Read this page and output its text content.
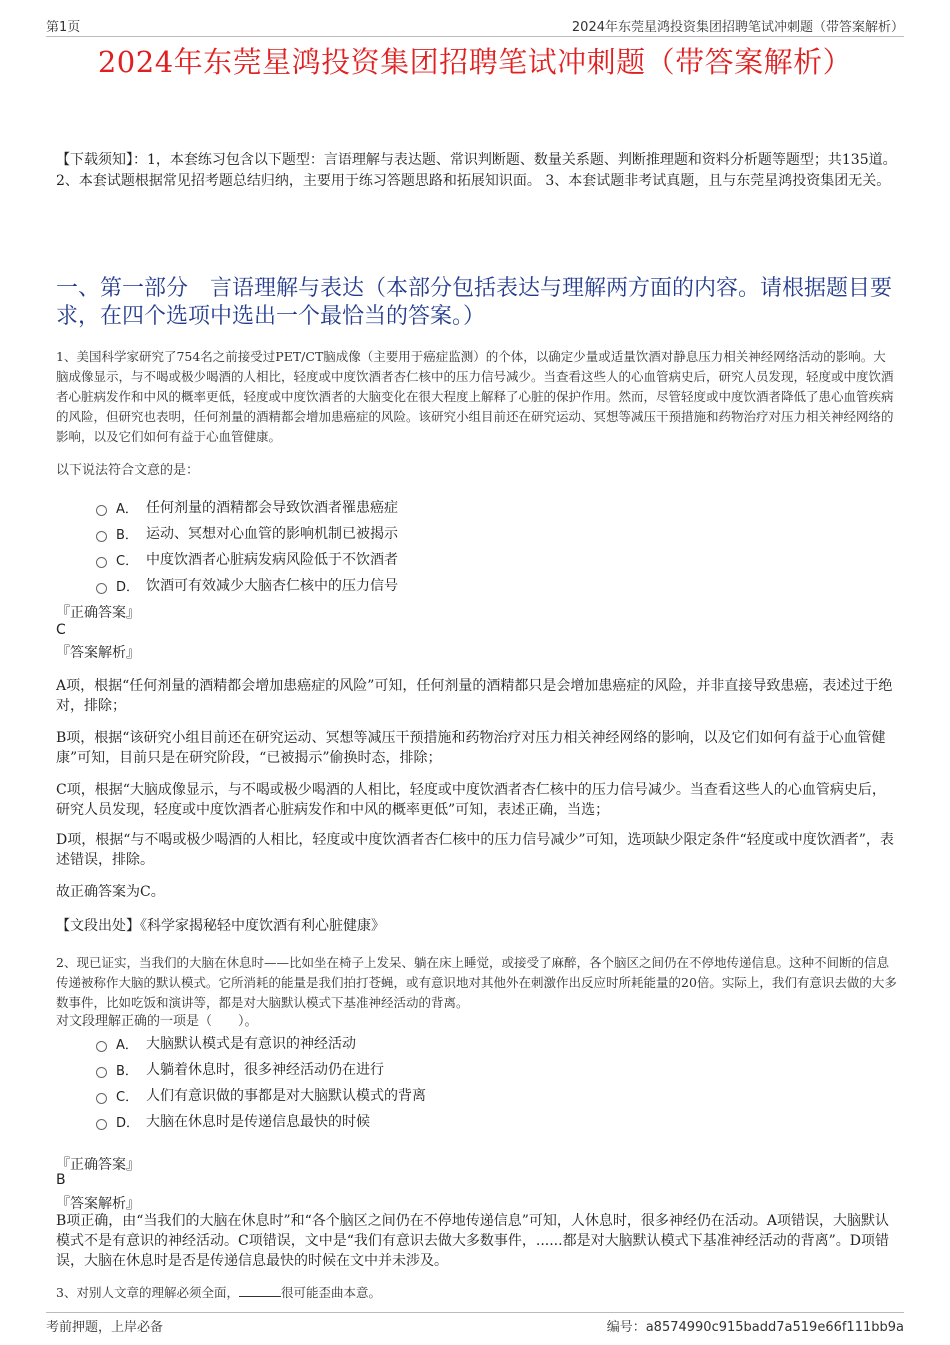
第1页	2024年东莞星鸿投资集团招聘笔试冲刺题（带答案解析）
2024年东莞星鸿投资集团招聘笔试冲刺题（带答案解析）
【下载须知】：1，本套练习包含以下题型：言语理解与表达题、常识判断题、数量关系题、判断推理题和资料分析题等题型；共135道。 2、本套试题根据常见招考题总结归纳，主要用于练习答题思路和拓展知识面。 3、本套试题非考试真题，且与东莞星鸿投资集团无关。
一、第一部分　言语理解与表达（本部分包括表达与理解两方面的内容。请根据题目要求，在四个选项中选出一个最恰当的答案。）
1、美国科学家研究了754名之前接受过PET/CT脑成像（主要用于癌症监测）的个体，以确定少量或适量饮酒对静息压力相关神经网络活动的影响。大脑成像显示，与不喝或极少喝酒的人相比，轻度或中度饮酒者杏仁核中的压力信号减少。当查看这些人的心血管病史后，研究人员发现，轻度或中度饮酒者心脏病发作和中风的概率更低，轻度或中度饮酒者的大脑变化在很大程度上解释了心脏的保护作用。然而，尽管轻度或中度饮酒者降低了患心血管疾病的风险，但研究也表明，任何剂量的酒精都会增加患癌症的风险。该研究小组目前还在研究运动、冥想等减压干预措施和药物治疗对压力相关神经网络的影响，以及它们如何有益于心血管健康。
以下说法符合文意的是：
A． 任何剂量的酒精都会导致饮酒者罹患癌症
B． 运动、冥想对心血管的影响机制已被揭示
C． 中度饮酒者心脏病发病风险低于不饮酒者
D． 饮酒可有效减少大脑杏仁核中的压力信号
『正确答案』
C
『答案解析』
A项，根据“任何剂量的酒精都会增加患癌症的风险”可知，任何剂量的酒精都只是会增加患癌症的风险，并非直接导致患癌，表述过于绝对，排除；
B项，根据“该研究小组目前还在研究运动、冥想等减压干预措施和药物治疗对压力相关神经网络的影响，以及它们如何有益于心血管健康”可知，目前只是在研究阶段，“已被揭示”偷换时态，排除；
C项，根据“大脑成像显示，与不喝或极少喝酒的人相比，轻度或中度饮酒者杏仁核中的压力信号减少。当查看这些人的心血管病史后，研究人员发现，轻度或中度饮酒者心脏病发作和中风的概率更低”可知，表述正确，当选；
D项，根据“与不喝或极少喝酒的人相比，轻度或中度饮酒者杏仁核中的压力信号减少”可知，选项缺少限定条件“轻度或中度饮酒者”，表述错误，排除。
故正确答案为C。
【文段出处】《科学家揭秘轻中度饮酒有利心脏健康》
2、现已证实，当我们的大脑在休息时——比如坐在椅子上发呆、躺在床上睡觉，或接受了麻醉，各个脑区之间仍在不停地传递信息。这种不间断的信息传递被称作大脑的默认模式。它所消耗的能量是我们拍打苍蝇，或有意识地对其他外在刺激作出反应时所耗能量的20倍。实际上，我们有意识去做的大多数事件，比如吃饭和演讲等，都是对大脑默认模式下基准神经活动的背离。
对文段理解正确的一项是（　　）。
A． 大脑默认模式是有意识的神经活动
B． 人躺着休息时，很多神经活动仍在进行
C． 人们有意识做的事都是对大脑默认模式的背离
D． 大脑在休息时是传递信息最快的时候
『正确答案』
B
『答案解析』
B项正确，由“当我们的大脑在休息时”和“各个脑区之间仍在不停地传递信息”可知，人休息时，很多神经仍在活动。A项错误，大脑默认模式不是有意识的神经活动。C项错误，文中是“我们有意识去做大多数事件，......都是对大脑默认模式下基准神经活动的背离”。D项错误，大脑在休息时是否是传递信息最快的时候在文中并未涉及。
3、对别人文章的理解必须全面，	很可能歪曲本意。
考前押题，上岸必备	编号：a8574990c915badd7a519e66f111bb9a
